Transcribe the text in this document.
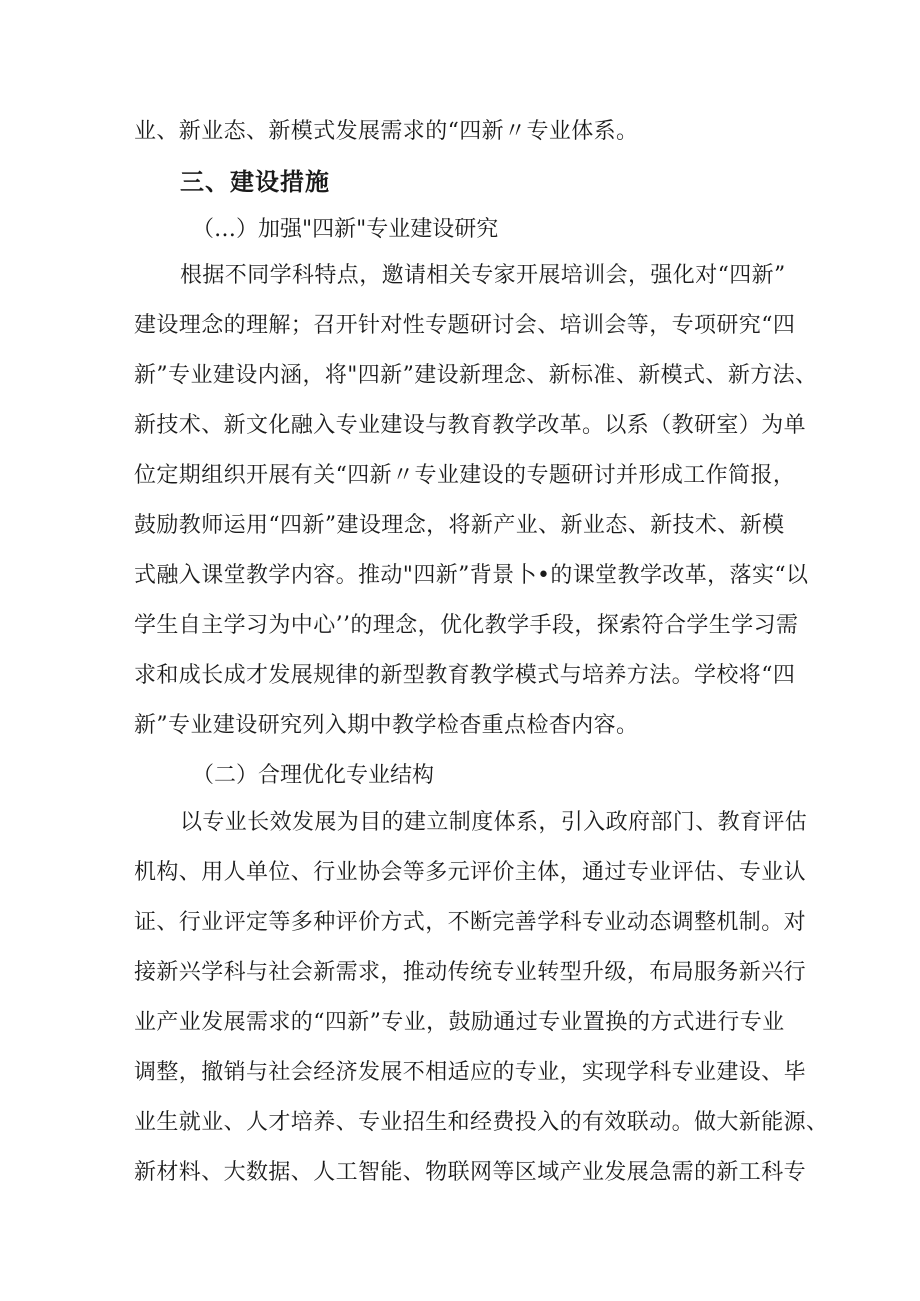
业、新业态、新模式发展需求的“四新〃专业体系。
三、建设措施
（…）加强"四新"专业建设研究
根据不同学科特点，邀请相关专家开展培训会，强化对“四新”
建设理念的理解；召开针对性专题研讨会、培训会等，专项研究“四
新”专业建设内涵，将"四新”建设新理念、新标准、新模式、新方法、
新技术、新文化融入专业建设与教育教学改革。以系（教研室）为单
位定期组织开展有关“四新〃专业建设的专题研讨并形成工作简报，
鼓励教师运用“四新”建设理念，将新产业、新业态、新技术、新模
式融入课堂教学内容。推动"四新”背景卜•的课堂教学改革，落实“以
学生自主学习为中心’’的理念，优化教学手段，探索符合学生学习需
求和成长成才发展规律的新型教育教学模式与培养方法。学校将“四
新”专业建设研究列入期中教学检杳重点检杳内容。
（二）合理优化专业结构
以专业长效发展为目的建立制度体系，引入政府部门、教育评估
机构、用人单位、行业协会等多元评价主体，通过专业评估、专业认
证、行业评定等多种评价方式，不断完善学科专业动态调整机制。对
接新兴学科与社会新需求，推动传统专业转型升级，布局服务新兴行
业产业发展需求的“四新”专业，鼓励通过专业置换的方式进行专业
调整，撤销与社会经济发展不相适应的专业，实现学科专业建设、毕
业生就业、人才培养、专业招生和经费投入的有效联动。做大新能源、
新材料、大数据、人工智能、物联网等区域产业发展急需的新工科专
